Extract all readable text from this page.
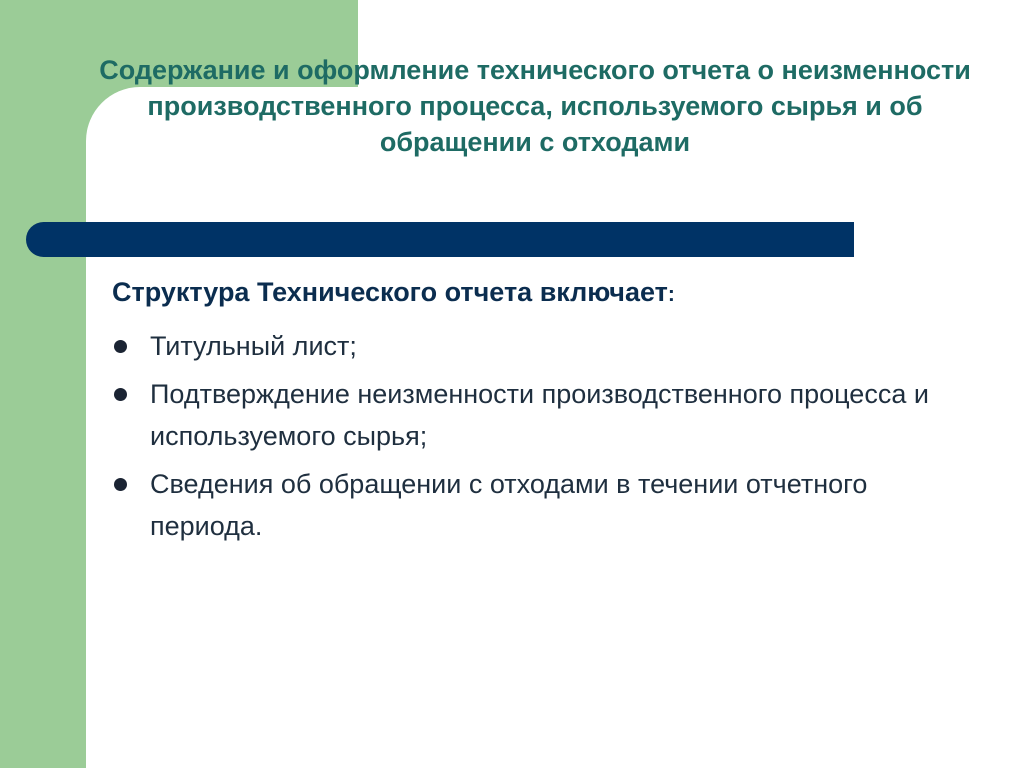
Содержание и оформление технического отчета о неизменности производственного процесса, используемого сырья и об обращении с отходами

Структура Технического отчета включает:

Титульный лист;
Подтверждение неизменности производственного процесса и используемого сырья;
Сведения об обращении с отходами в течении отчетного периода.
